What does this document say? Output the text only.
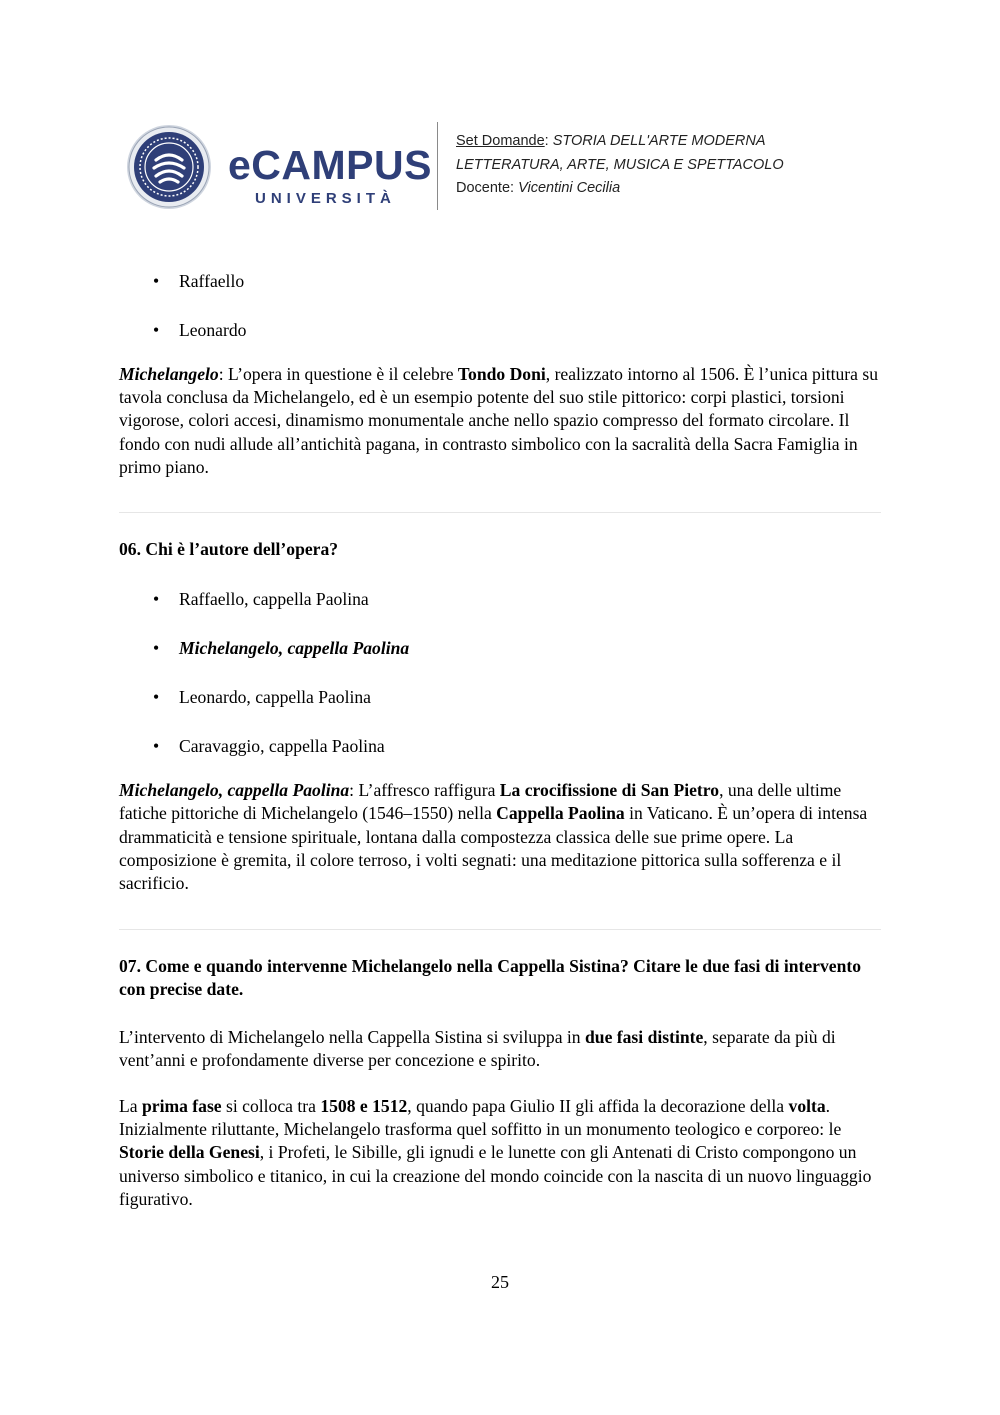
eCAMPUS
UNIVERSITÀ
Set Domande: STORIA DELL'ARTE MODERNA
LETTERATURA, ARTE, MUSICA E SPETTACOLO
Docente: Vicentini Cecilia
• Raffaello
• Leonardo

Michelangelo: L’opera in questione è il celebre Tondo Doni, realizzato intorno al 1506. È l’unica pittura su tavola conclusa da Michelangelo, ed è un esempio potente del suo stile pittorico: corpi plastici, torsioni vigorose, colori accesi, dinamismo monumentale anche nello spazio compresso del formato circolare. Il fondo con nudi allude all’antichità pagana, in contrasto simbolico con la sacralità della Sacra Famiglia in primo piano.

06. Chi è l’autore dell’opera?

• Raffaello, cappella Paolina
• Michelangelo, cappella Paolina
• Leonardo, cappella Paolina
• Caravaggio, cappella Paolina

Michelangelo, cappella Paolina: L’affresco raffigura La crocifissione di San Pietro, una delle ultime fatiche pittoriche di Michelangelo (1546–1550) nella Cappella Paolina in Vaticano. È un’opera di intensa drammaticità e tensione spirituale, lontana dalla compostezza classica delle sue prime opere. La composizione è gremita, il colore terroso, i volti segnati: una meditazione pittorica sulla sofferenza e il sacrificio.

07. Come e quando intervenne Michelangelo nella Cappella Sistina? Citare le due fasi di intervento con precise date.

L’intervento di Michelangelo nella Cappella Sistina si sviluppa in due fasi distinte, separate da più di vent’anni e profondamente diverse per concezione e spirito.

La prima fase si colloca tra 1508 e 1512, quando papa Giulio II gli affida la decorazione della volta. Inizialmente riluttante, Michelangelo trasforma quel soffitto in un monumento teologico e corporeo: le Storie della Genesi, i Profeti, le Sibille, gli ignudi e le lunette con gli Antenati di Cristo compongono un universo simbolico e titanico, in cui la creazione del mondo coincide con la nascita di un nuovo linguaggio figurativo.

25
